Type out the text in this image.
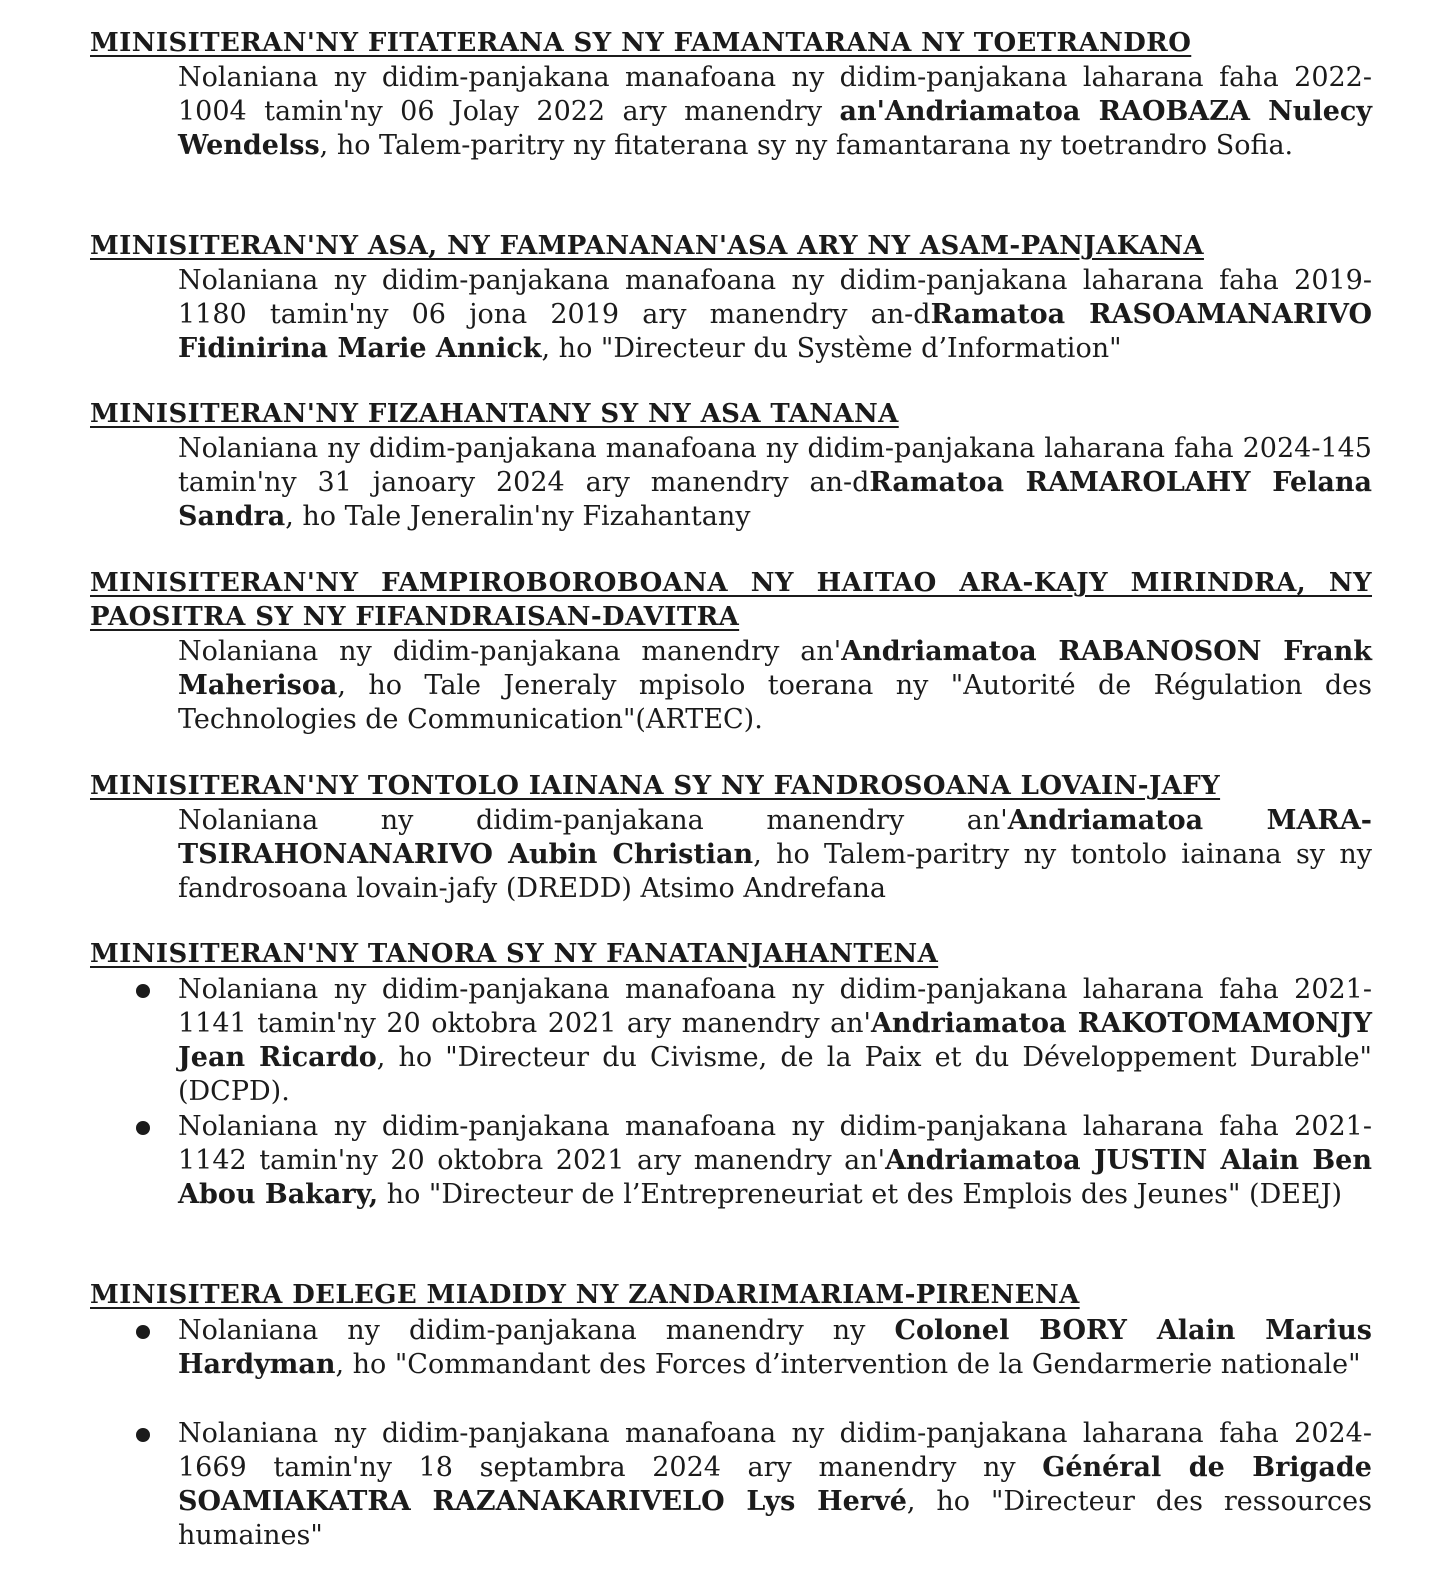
MINISITERAN'NY FITATERANA SY NY FAMANTARANA NY TOETRANDRO

Nolaniana ny didim-panjakana manafoana ny didim-panjakana laharana faha 2022-1004 tamin'ny 06 Jolay 2022 ary manendry an'Andriamatoa RAOBAZA Nulecy Wendelss, ho Talem-paritry ny fitaterana sy ny famantarana ny toetrandro Sofia.

MINISITERAN'NY ASA, NY FAMPANANAN'ASA ARY NY ASAM-PANJAKANA

Nolaniana ny didim-panjakana manafoana ny didim-panjakana laharana faha 2019-1180 tamin'ny 06 jona 2019 ary manendry an-dRamatoa RASOAMANARIVO Fidinirina Marie Annick, ho "Directeur du Système d’Information"

MINISITERAN'NY FIZAHANTANY SY NY ASA TANANA

Nolaniana ny didim-panjakana manafoana ny didim-panjakana laharana faha 2024-145 tamin'ny 31 janoary 2024 ary manendry an-dRamatoa RAMAROLAHY Felana Sandra, ho Tale Jeneralin'ny Fizahantany

MINISITERAN'NY FAMPIROBOROBOANA NY HAITAO ARA-KAJY MIRINDRA, NY PAOSITRA SY NY FIFANDRAISAN-DAVITRA

Nolaniana ny didim-panjakana manendry an'Andriamatoa RABANOSON Frank Maherisoa, ho Tale Jeneraly mpisolo toerana ny "Autorité de Régulation des Technologies de Communication"(ARTEC).

MINISITERAN'NY TONTOLO IAINANA SY NY FANDROSOANA LOVAIN-JAFY

Nolaniana ny didim-panjakana manendry an'Andriamatoa MARA-TSIRAHONANARIVO Aubin Christian, ho Talem-paritry ny tontolo iainana sy ny fandrosoana lovain-jafy (DREDD) Atsimo Andrefana

MINISITERAN'NY TANORA SY NY FANATANJAHANTENA

Nolaniana ny didim-panjakana manafoana ny didim-panjakana laharana faha 2021-1141 tamin'ny 20 oktobra 2021 ary manendry an'Andriamatoa RAKOTOMAMONJY Jean Ricardo, ho "Directeur du Civisme, de la Paix et du Développement Durable" (DCPD).

Nolaniana ny didim-panjakana manafoana ny didim-panjakana laharana faha 2021-1142 tamin'ny 20 oktobra 2021 ary manendry an'Andriamatoa JUSTIN Alain Ben Abou Bakary, ho "Directeur de l’Entrepreneuriat et des Emplois des Jeunes" (DEEJ)

MINISITERA DELEGE MIADIDY NY ZANDARIMARIAM-PIRENENA

Nolaniana ny didim-panjakana manendry ny Colonel BORY Alain Marius Hardyman, ho "Commandant des Forces d’intervention de la Gendarmerie nationale"

Nolaniana ny didim-panjakana manafoana ny didim-panjakana laharana faha 2024-1669 tamin'ny 18 septambra 2024 ary manendry ny Général de Brigade SOAMIAKATRA RAZANAKARIVELO Lys Hervé, ho "Directeur des ressources humaines"
